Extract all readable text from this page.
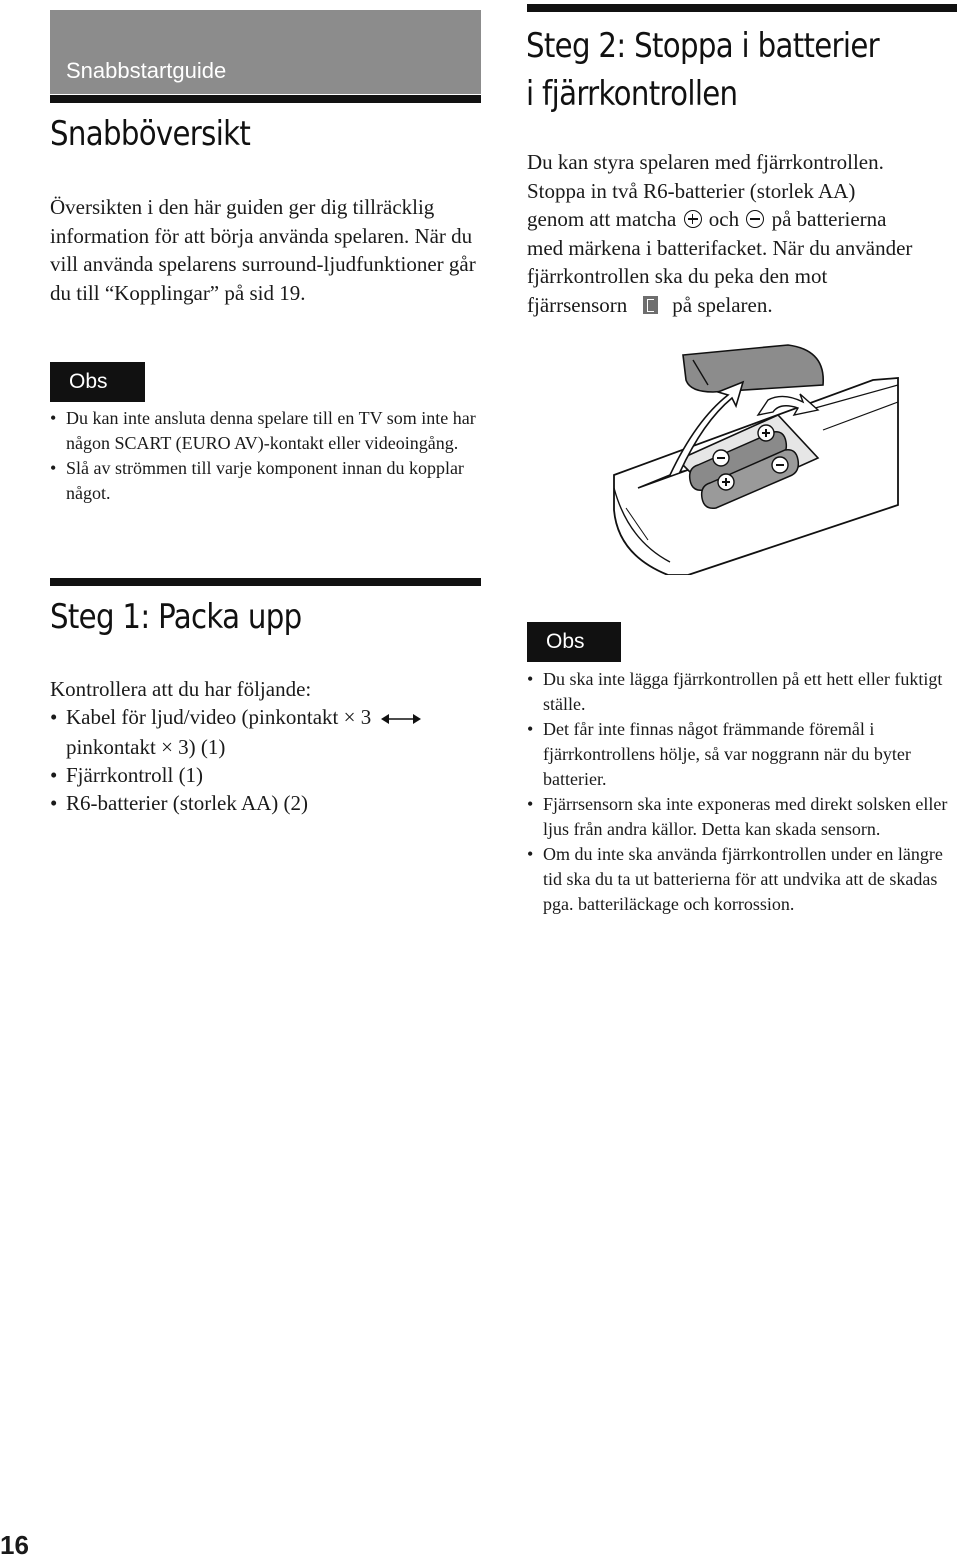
Snabbstartguide
Snabböversikt

Översikten i den här guiden ger dig tillräcklig information för att börja använda spelaren. När du vill använda spelarens surround-ljudfunktioner går du till “Kopplingar” på sid 19.

Obs
• Du kan inte ansluta denna spelare till en TV som inte har någon SCART (EURO AV)-kontakt eller videoingång.
• Slå av strömmen till varje komponent innan du kopplar något.
Steg 1: Packa upp

Kontrollera att du har följande:

• Kabel för ljud/video (pinkontakt × 3
pinkontakt × 3) (1)
• Fjärrkontroll (1)
• R6-batterier (storlek AA) (2)
Steg 2: Stoppa i batterier
i fjärrkontrollen
Du kan styra spelaren med fjärrkontrollen.
Stoppa in två R6-batterier (storlek AA)
genom att matcha och på batterierna
med märkena i batterifacket. När du använder
fjärrkontrollen ska du peka den mot
fjärrsensorn på spelaren.
Obs
• Du ska inte lägga fjärrkontrollen på ett hett eller fuktigt ställe.
• Det får inte finnas något främmande föremål i fjärrkontrollens hölje, så var noggrann när du byter batterier.
• Fjärrsensorn ska inte exponeras med direkt solsken eller ljus från andra källor. Detta kan skada sensorn.
• Om du inte ska använda fjärrkontrollen under en längre tid ska du ta ut batterierna för att undvika att de skadas pga. batteriläckage och korrossion.
16
